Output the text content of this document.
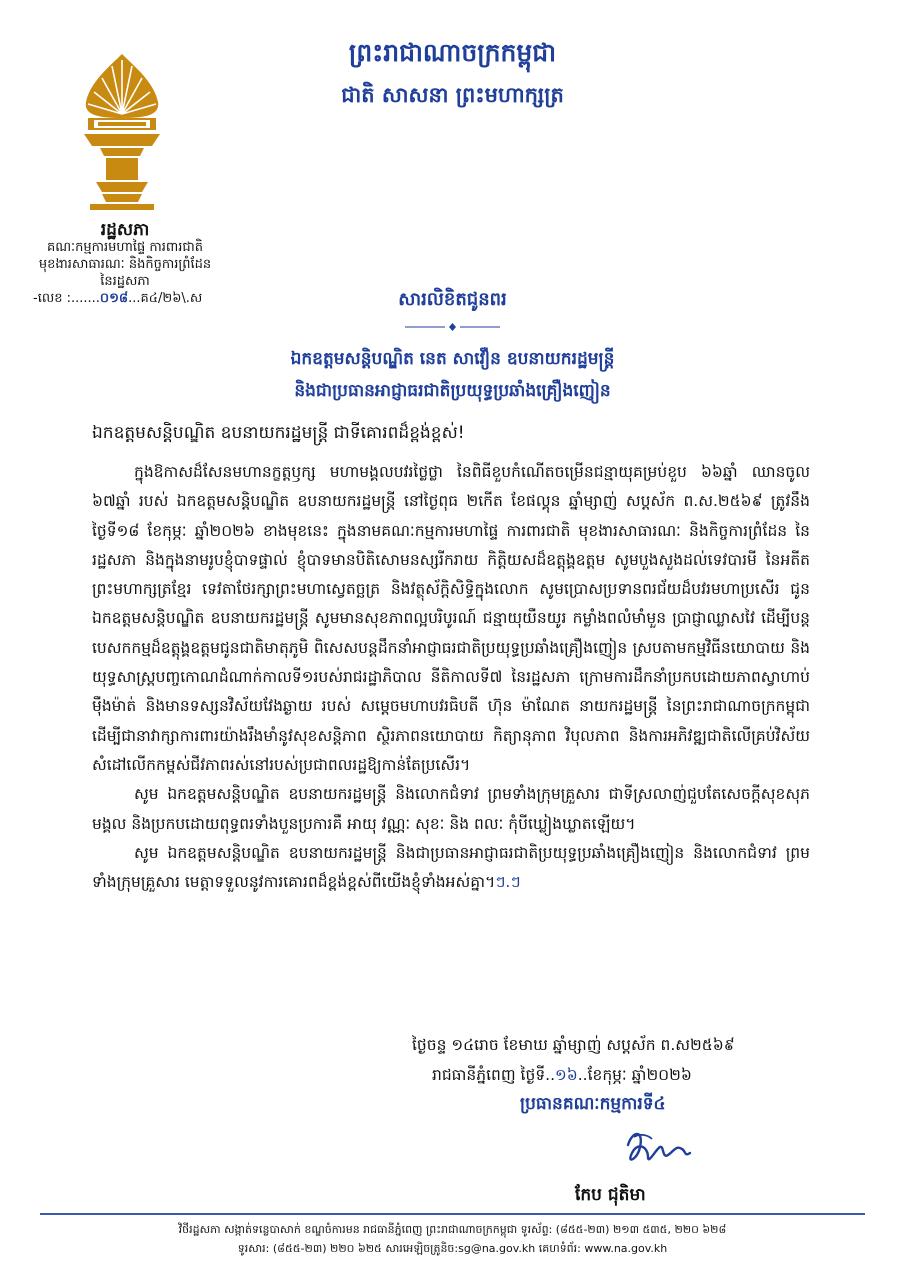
ព្រះរាជាណាចក្រកម្ពុជា
ជាតិ សាសនា ព្រះមហាក្សត្រ
រដ្ឋសភា
គណៈកម្មការមហាផ្ទៃ ការពារជាតិ
មុខងារសាធារណៈ និងកិច្ចការព្រំដែន
នៃរដ្ឋសភា
-លេខ :.......០១៨...គ៤/២៦\.ស	សារលិខិតជូនពរ
ឯកឧត្តមសន្តិបណ្ឌិត នេត សាវឿន ឧបនាយករដ្ឋមន្ត្រី
និងជាប្រធានអាជ្ញាធរជាតិប្រយុទ្ធប្រឆាំងគ្រឿងញៀន
ឯកឧត្តមសន្តិបណ្ឌិត ឧបនាយករដ្ឋមន្ត្រី ជាទីគោរពដ៏ខ្ពង់ខ្ពស់!

ក្នុងឱកាសដ៏សែនមហានក្ខត្តឫក្ស មហាមង្គលបវរថ្លៃថ្លា នៃពិធីខួបកំណើតចម្រើនជន្មាយុគម្រប់ខួប ៦៦ឆ្នាំ ឈានចូល ៦៧ឆ្នាំ របស់ ឯកឧត្តមសន្តិបណ្ឌិត ឧបនាយករដ្ឋមន្ត្រី នៅថ្ងៃពុធ ២កើត ខែផល្គុន ឆ្នាំម្សាញ់ សប្តស័ក ព.ស.២៥៦៩ ត្រូវនឹងថ្ងៃទី១៨ ខែកុម្ភៈ ឆ្នាំ២០២៦ ខាងមុខនេះ ក្នុងនាមគណៈកម្មការមហាផ្ទៃ ការពារជាតិ មុខងារសាធារណៈ និងកិច្ចការព្រំដែន នៃរដ្ឋសភា និងក្នុងនាមរូបខ្ញុំបាទផ្ទាល់ ខ្ញុំបាទមានបិតិសោមនស្សរីករាយ កិត្តិយសដ៏ឧត្តុង្គឧត្តម សូមបួងសួងដល់ទេវបារមី នៃអតីតព្រះមហាក្សត្រខ្មែរ ទេវតាថែរក្សាព្រះមហាស្វេតច្ឆត្រ និងវត្ថុស័ក្តិសិទ្ធិក្នុងលោក សូមប្រោសប្រទានពរជ័យដ៏បវរមហាប្រសើរ ជូន ឯកឧត្តមសន្តិបណ្ឌិត ឧបនាយករដ្ឋមន្ត្រី សូមមានសុខភាពល្អបរិបូរណ៍ ជន្មាយុយឺនយូរ កម្លាំងពលំមាំមួន ប្រាជ្ញាឈ្លាសវៃ ដើម្បីបន្តបេសកកម្មដ៏ឧត្តុង្គឧត្តមជូនជាតិមាតុភូមិ ពិសេសបន្តដឹកនាំអាជ្ញាធរជាតិប្រយុទ្ធប្រឆាំងគ្រឿងញៀន ស្របតាមកម្មវិធីនយោបាយ និងយុទ្ធសាស្ត្របញ្ចកោណដំណាក់កាលទី១របស់រាជរដ្ឋាភិបាល នីតិកាលទី៧ នៃរដ្ឋសភា ក្រោមការដឹកនាំប្រកបដោយភាពស្វាហាប់ ម៉ឺងម៉ាត់ និងមានទស្សនវិស័យវែងឆ្ងាយ របស់ សម្តេចមហាបវរធិបតី ហ៊ុន ម៉ាណែត នាយករដ្ឋមន្ត្រី នៃព្រះរាជាណាចក្រកម្ពុជា ដើម្បីជានាវាក្សាការពារយ៉ាងរឹងមាំនូវសុខសន្តិភាព ស្ថិរភាពនយោបាយ កិត្យានុភាព វិបុលភាព និងការអភិវឌ្ឍជាតិលើគ្រប់វិស័យ សំដៅលើកកម្ពស់ជីវភាពរស់នៅរបស់ប្រជាពលរដ្ឋឱ្យកាន់តែប្រសើរ។

សូម ឯកឧត្តមសន្តិបណ្ឌិត ឧបនាយករដ្ឋមន្ត្រី និងលោកជំទាវ ព្រមទាំងក្រុមគ្រួសារ ជាទីស្រលាញ់ជួបតែសេចក្តីសុខសុភមង្គល និងប្រកបដោយពុទ្ធពរទាំងបួនប្រការគឺ អាយុ វណ្ណៈ សុខៈ និង ពលៈ កុំបីឃ្លៀងឃ្លាតឡើយ។

សូម ឯកឧត្តមសន្តិបណ្ឌិត ឧបនាយករដ្ឋមន្ត្រី និងជាប្រធានអាជ្ញាធរជាតិប្រយុទ្ធប្រឆាំងគ្រឿងញៀន និងលោកជំទាវ ព្រមទាំងក្រុមគ្រួសារ មេត្តាទទួលនូវការគោរពដ៏ខ្ពង់ខ្ពស់ពីយើងខ្ញុំទាំងអស់គ្នា។ៗ.ៗ

ថ្ងៃចន្ទ ១៤រោច ខែមាឃ ឆ្នាំម្សាញ់ សប្តស័ក ព.ស២៥៦៩
រាជធានីភ្នំពេញ ថ្ងៃទី..១៦..ខែកុម្ភៈ ឆ្នាំ២០២៦
ប្រធានគណៈកម្មការទី៤
កែប ជុតិមា
វិថីរដ្ឋសភា សង្កាត់ទន្លេបាសាក់ ខណ្ឌចំការមន រាជធានីភ្នំពេញ ព្រះរាជាណាចក្រកម្ពុជា ទូរស័ព្ទ: (៨៥៥-២៣) ២១៣ ៥៣៥, ២២០ ៦២៨
ទូរសារ: (៨៥៥-២៣) ២២០ ៦២៥ សារអេឡិចត្រូនិច:sg@na.gov.kh គេហទំព័រ: www.na.gov.kh
